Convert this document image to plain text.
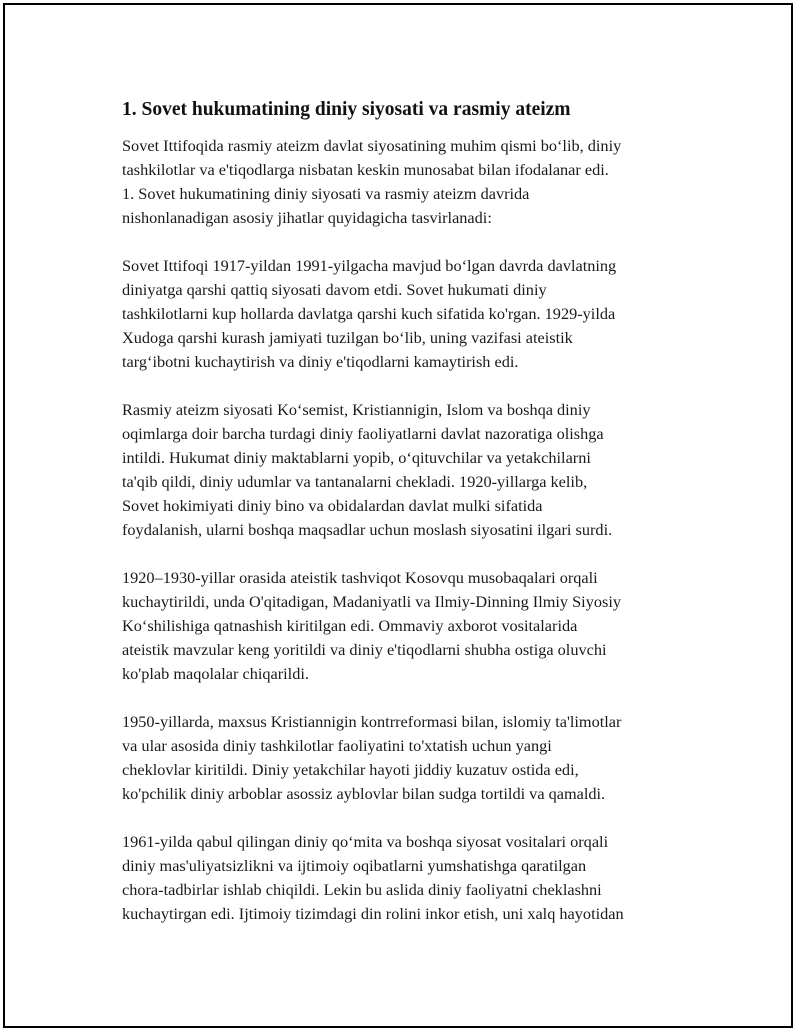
1. Sovet hukumatining diniy siyosati va rasmiy ateizm

Sovet Ittifoqida rasmiy ateizm davlat siyosatining muhim qismi bo‘lib, diniy
tashkilotlar va e'tiqodlarga nisbatan keskin munosabat bilan ifodalanar edi.
1. Sovet hukumatining diniy siyosati va rasmiy ateizm davrida
nishonlanadigan asosiy jihatlar quyidagicha tasvirlanadi:

Sovet Ittifoqi 1917-yildan 1991-yilgacha mavjud bo‘lgan davrda davlatning
diniyatga qarshi qattiq siyosati davom etdi. Sovet hukumati diniy
tashkilotlarni kup hollarda davlatga qarshi kuch sifatida ko'rgan. 1929-yilda
Xudoga qarshi kurash jamiyati tuzilgan bo‘lib, uning vazifasi ateistik
targ‘ibotni kuchaytirish va diniy e'tiqodlarni kamaytirish edi.

Rasmiy ateizm siyosati Ko‘semist, Kristiannigin, Islom va boshqa diniy
oqimlarga doir barcha turdagi diniy faoliyatlarni davlat nazoratiga olishga
intildi. Hukumat diniy maktablarni yopib, o‘qituvchilar va yetakchilarni
ta'qib qildi, diniy udumlar va tantanalarni chekladi. 1920-yillarga kelib,
Sovet hokimiyati diniy bino va obidalardan davlat mulki sifatida
foydalanish, ularni boshqa maqsadlar uchun moslash siyosatini ilgari surdi.

1920–1930-yillar orasida ateistik tashviqot Kosovqu musobaqalari orqali
kuchaytirildi, unda O'qitadigan, Madaniyatli va Ilmiy-Dinning Ilmiy Siyosiy
Ko‘shilishiga qatnashish kiritilgan edi. Ommaviy axborot vositalarida
ateistik mavzular keng yoritildi va diniy e'tiqodlarni shubha ostiga oluvchi
ko'plab maqolalar chiqarildi.

1950-yillarda, maxsus Kristiannigin kontrreformasi bilan, islomiy ta'limotlar
va ular asosida diniy tashkilotlar faoliyatini to'xtatish uchun yangi
cheklovlar kiritildi. Diniy yetakchilar hayoti jiddiy kuzatuv ostida edi,
ko'pchilik diniy arboblar asossiz ayblovlar bilan sudga tortildi va qamaldi.

1961-yilda qabul qilingan diniy qo‘mita va boshqa siyosat vositalari orqali
diniy mas'uliyatsizlikni va ijtimoiy oqibatlarni yumshatishga qaratilgan
chora-tadbirlar ishlab chiqildi. Lekin bu aslida diniy faoliyatni cheklashni
kuchaytirgan edi. Ijtimoiy tizimdagi din rolini inkor etish, uni xalq hayotidan
